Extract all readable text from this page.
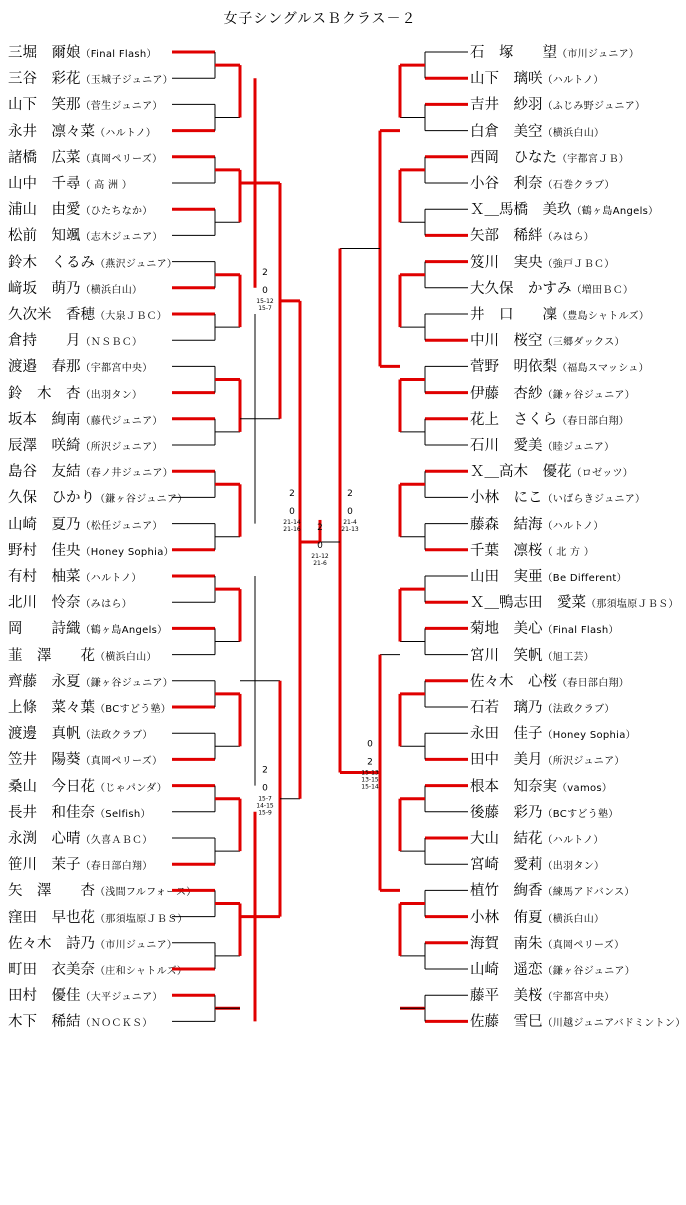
女子シングルスＢクラス－２
三堀　爾娘（Final Flash）
三谷　彩花（玉城子ジュニア）
山下　笑那（菅生ジュニア）
永井　凛々菜（ハルトノ）
諸橋　広菜（真岡ペリーズ）
山中　千尋（ 高 洲 ）
浦山　由愛（ひたちなか）
松前　知颯（志木ジュニア）
鈴木　くるみ（燕沢ジュニア）
﨑坂　萌乃（横浜白山）
久次米　香穂（大泉ＪＢＣ）
倉持　　月（ＮＳＢＣ）
渡邉　春那（宇都宮中央）
鈴　木　杏（出羽タン）
坂本　絢南（藤代ジュニア）
辰澤　咲綺（所沢ジュニア）
島谷　友結（春ノ井ジュニア）
久保　ひかり（鎌ヶ谷ジュニア）
山崎　夏乃（松任ジュニア）
野村　佳央（Honey Sophia）
有村　柚菜（ハルトノ）
北川　怜奈（みはら）
岡　　詩織（鶴ヶ島Angels）
韮　澤　　花（横浜白山）
齊藤　永夏（鎌ヶ谷ジュニア）
上條　菜々葉（BCすどう塾）
渡邊　真帆（法政クラブ）
笠井　陽葵（真岡ペリーズ）
桑山　今日花（じゃパンダ）
長井　和佳奈（Selfish）
永渕　心晴（久喜ＡＢＣ）
笹川　茉子（春日部白翔）
矢　澤　　杏（浅間フルフォース）
窪田　早也花（那須塩原ＪＢＳ）
佐々木　詩乃（市川ジュニア）
町田　衣美奈（庄和シャトルズ）
田村　優佳（大平ジュニア）
木下　稀結（ＮＯＣＫＳ）
石　塚　　望（市川ジュニア）
山下　璃咲（ハルトノ）
吉井　紗羽（ふじみ野ジュニア）
白倉　美空（横浜白山）
西岡　ひなた（宇都宮ＪＢ）
小谷　利奈（石巻クラブ）
Ｘ＿馬橋　美玖（鶴ヶ島Angels）
矢部　稀絆（みはら）
笈川　実央（強戸ＪＢＣ）
大久保　かすみ（増田ＢＣ）
井　口　　凜（豊島シャトルズ）
中川　桜空（三郷ダックス）
菅野　明依梨（福島スマッシュ）
伊藤　杏紗（鎌ヶ谷ジュニア）
花上　さくら（春日部白翔）
石川　愛美（睦ジュニア）
Ｘ＿高木　優花（ロゼッツ）
小林　にこ（いばらきジュニア）
藤森　結海（ハルトノ）
千葉　凛桜（ 北 方 ）
山田　実亜（Be Different）
Ｘ＿鴨志田　愛菜（那須塩原ＪＢＳ）
菊地　美心（Final Flash）
宮川　笑帆（旭工芸）
佐々木　心桜（春日部白翔）
石若　璃乃（法政クラブ）
永田　佳子（Honey Sophia）
田中　美月（所沢ジュニア）
根本　知奈実（vamos）
後藤　彩乃（BCすどう塾）
大山　結花（ハルトノ）
宮崎　愛莉（出羽タン）
植竹　絢香（練馬アドバンス）
小林　侑夏（横浜白山）
海賀　南朱（真岡ペリーズ）
山崎　遥恋（鎌ヶ谷ジュニア）
藤平　美桜（宇都宮中央）
佐藤　雪巳（川越ジュニアバドミントン）
2
0
21-14
21-16
2
0
15-12
15-7
2
0
15-7
14-15
15-9
2
0
21-4
21-13
0
2
15-13
13-15
15-14
2
0
21-12
21-6
